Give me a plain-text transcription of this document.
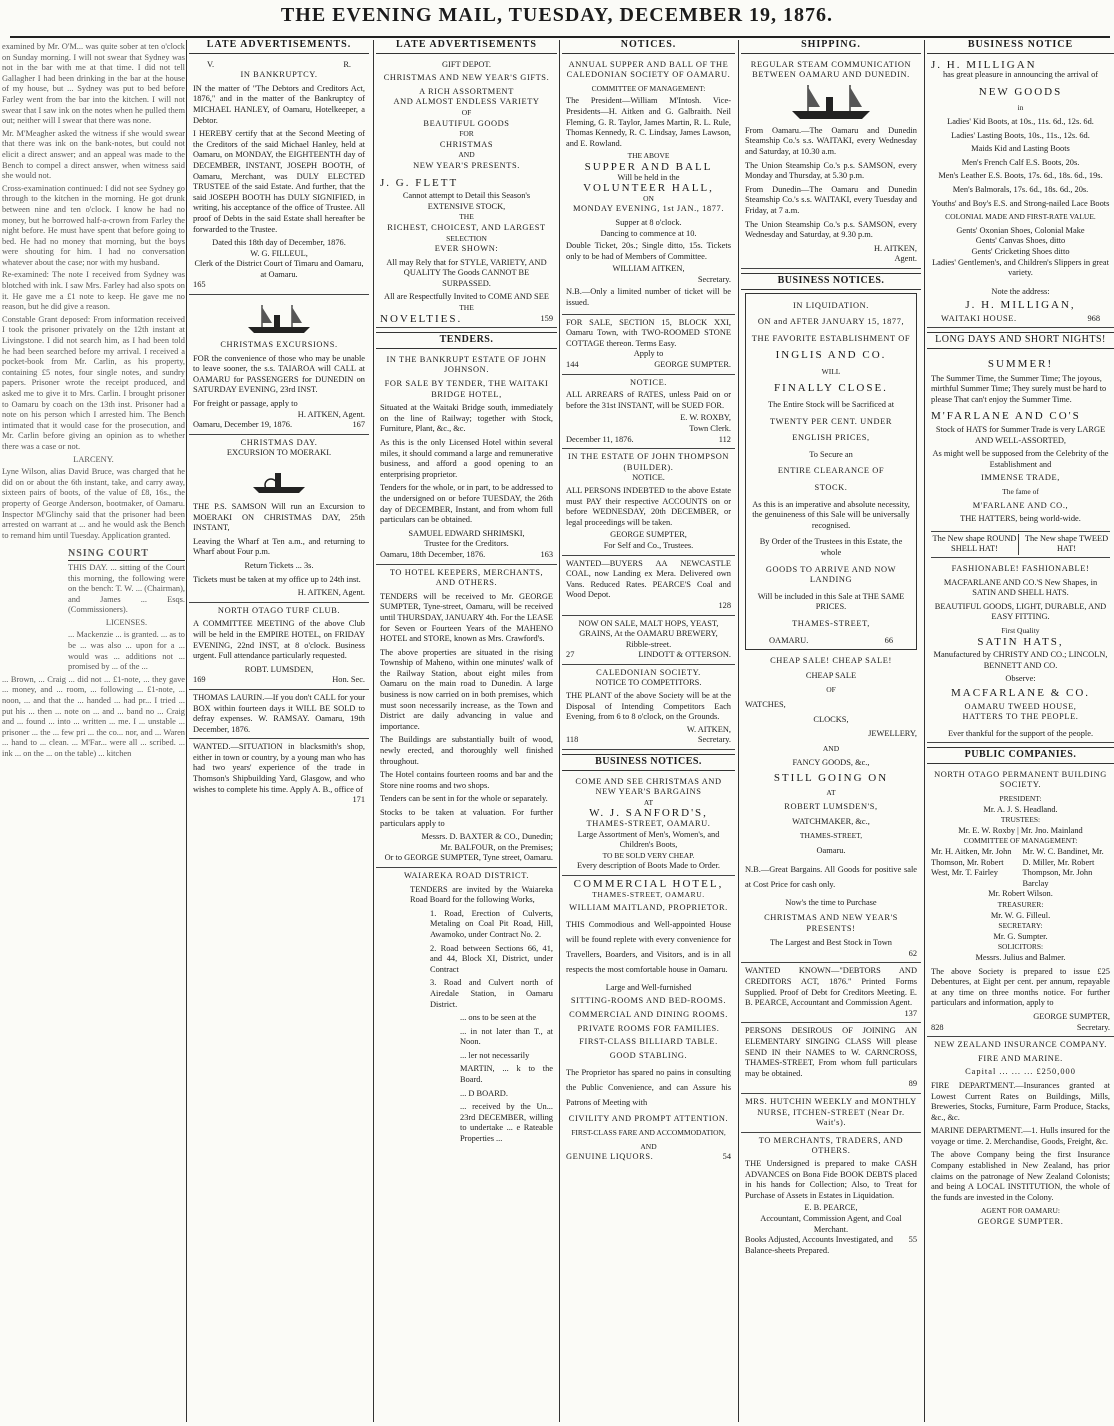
THE EVENING MAIL, TUESDAY, DECEMBER 19, 1876.

examined by Mr. O'M... was quite sober at ten o'clock on Sunday morning. I will not swear that Sydney was not in the bar with me at that time. I did not tell Gallagher I had been drinking in the bar at the house of my house, but ... Sydney was put to bed before Farley went from the bar into the kitchen. I will not swear that I saw ink on the notes when he pulled them out; neither will I swear that there was none.

Mr. M'Meagher asked the witness if she would swear that there was ink on the bank-notes, but could not elicit a direct answer; and an appeal was made to the Bench to compel a direct answer, when witness said she would not.

Cross-examination continued: I did not see Sydney go through to the kitchen in the morning. He got drunk between nine and ten o'clock. I know he had no money, but he borrowed half-a-crown from Farley the night before. He must have spent that before going to bed. He had no money that morning, but the boys were shouting for him. I had no conversation whatever about the case; nor with my husband.

Re-examined: The note I received from Sydney was blotched with ink. I saw Mrs. Farley had also spots on it. He gave me a £1 note to keep. He gave me no reason, but he did give a reason.

Constable Grant deposed: From information received I took the prisoner privately on the 12th instant at Livingstone. I did not search him, as I had been told he had been searched before my arrival. I received a pocket-book from Mr. Carlin, as his property, containing £5 notes, four single notes, and sundry papers. Prisoner wrote the receipt produced, and asked me to give it to Mrs. Carlin. I brought prisoner to Oamaru by coach on the 13th inst. Prisoner had a note on his person which I arrested him. The Bench intimated that it would case for the prosecution, and Mr. Carlin before giving an opinion as to whether there was a case or not.

LARCENY.

Lyne Wilson, alias David Bruce, was charged that he did on or about the 6th instant, take, and carry away, sixteen pairs of boots, of the value of £8, 16s., the property of George Anderson, bootmaker, of Oamaru. Inspector M'Glinchy said that the prisoner had been arrested on warrant at ... and he would ask the Bench to remand him until Tuesday. Application granted.

NSING COURT

THIS DAY. ... sitting of the Court this morning, the following were on the bench: T. W. ... (Chairman), and James ... Esqs. (Commissioners).

LICENSES.

... Mackenzie ... is granted. ... as to be ... was also ... upon for a ... would was ... additions not ... promised by ... of the ...

... Brown, ... Craig ... did not ... £1-note, ... they gave ... money, and ... room, ... following ... £1-note, ... noon, ... and that the ... handed ... had pr... I tried ... put his ... then ... note on ... and ... band no ... Craig and ... found ... into ... written ... me. I ... unstable ... prisoner ... the ... few pri ... the co... nor, and ... Waren ... hand to ... clean. ... M'Far... were all ... scribed. ... ink ... on the ... on the table) ... kitchen

LATE ADVERTISEMENTS.
V.	R.
IN BANKRUPTCY.

IN the matter of "The Debtors and Creditors Act, 1876," and in the matter of the Bankruptcy of MICHAEL HANLEY, of Oamaru, Hotelkeeper, a Debtor.

I HEREBY certify that at the Second Meeting of the Creditors of the said Michael Hanley, held at Oamaru, on MONDAY, the EIGHTEENTH day of DECEMBER, INSTANT, JOSEPH BOOTH, of Oamaru, Merchant, was DULY ELECTED TRUSTEE of the said Estate. And further, that the said JOSEPH BOOTH has DULY SIGNIFIED, in writing, his acceptance of the office of Trustee. All proof of Debts in the said Estate shall hereafter be forwarded to the Trustee.

Dated this 18th day of December, 1876.
W. G. FILLEUL,
Clerk of the District Court of Timaru and Oamaru, at Oamaru.
165
CHRISTMAS EXCURSIONS.

FOR the convenience of those who may be unable to leave sooner, the s.s. TAIAROA will CALL at OAMARU for PASSENGERS for DUNEDIN on SATURDAY EVENING, 23rd INST.

For freight or passage, apply to
H. AITKEN, Agent.
Oamaru, December 19, 1876.	167
CHRISTMAS DAY.
EXCURSION TO MOERAKI.

THE P.S. SAMSON Will run an Excursion to MOERAKI ON CHRISTMAS DAY, 25th INSTANT,

Leaving the Wharf at Ten a.m., and returning to Wharf about Four p.m.

Return Tickets ... 3s.

Tickets must be taken at my office up to 24th inst.

H. AITKEN, Agent.
NORTH OTAGO TURF CLUB.

A COMMITTEE MEETING of the above Club will be held in the EMPIRE HOTEL, on FRIDAY EVENING, 22nd INST, at 8 o'clock. Business urgent. Full attendance particularly requested.

ROBT. LUMSDEN,
169	Hon. Sec.

THOMAS LAURIN.—If you don't CALL for your BOX within fourteen days it WILL BE SOLD to defray expenses. W. RAMSAY. Oamaru, 19th December, 1876.

WANTED.—SITUATION in blacksmith's shop, either in town or country, by a young man who has had two years' experience of the trade in Thomson's Shipbuilding Yard, Glasgow, and who wishes to complete his time. Apply A. B., office of

171
LATE ADVERTISEMENTS
GIFT DEPOT.
CHRISTMAS AND NEW YEAR'S GIFTS.
A RICH ASSORTMENT
AND ALMOST ENDLESS VARIETY
OF
BEAUTIFUL GOODS
FOR
CHRISTMAS
AND
NEW YEAR'S PRESENTS.
J. G. FLETT
Cannot attempt to Detail this Season's EXTENSIVE STOCK,
THE
RICHEST, CHOICEST, AND LARGEST
SELECTION
EVER SHOWN:
All may Rely that for STYLE, VARIETY, AND QUALITY The Goods CANNOT BE SURPASSED.
All are Respectfully Invited to COME AND SEE
THE
NOVELTIES.	159
TENDERS.
IN THE BANKRUPT ESTATE OF JOHN JOHNSON.
FOR SALE BY TENDER, THE WAITAKI BRIDGE HOTEL,

Situated at the Waitaki Bridge south, immediately on the line of Railway; together with Stock, Furniture, Plant, &c., &c.

As this is the only Licensed Hotel within several miles, it should command a large and remunerative business, and afford a good opening to an enterprising proprietor.

Tenders for the whole, or in part, to be addressed to the undersigned on or before TUESDAY, the 26th day of DECEMBER, Instant, and from whom full particulars can be obtained.

SAMUEL EDWARD SHRIMSKI,
Trustee for the Creditors.
Oamaru, 18th December, 1876.	163
TO HOTEL KEEPERS, MERCHANTS, AND OTHERS.

TENDERS will be received to Mr. GEORGE SUMPTER, Tyne-street, Oamaru, will be received until THURSDAY, JANUARY 4th. For the LEASE for Seven or Fourteen Years of the MAHENO HOTEL and STORE, known as Mrs. Crawford's.

The above properties are situated in the rising Township of Maheno, within one minutes' walk of the Railway Station, about eight miles from Oamaru on the main road to Dunedin. A large business is now carried on in both premises, which must soon necessarily increase, as the Town and District are daily advancing in value and importance.

The Buildings are substantially built of wood, newly erected, and thoroughly well finished throughout.

The Hotel contains fourteen rooms and bar and the Store nine rooms and two shops.

Tenders can be sent in for the whole or separately.

Stocks to be taken at valuation. For further particulars apply to

Messrs. D. BAXTER & CO., Dunedin;
Mr. BALFOUR, on the Premises;
Or to GEORGE SUMPTER, Tyne street, Oamaru.
WAIAREKA ROAD DISTRICT.

TENDERS are invited by the Waiareka Road Board for the following Works,

1. Road, Erection of Culverts, Metaling on Coal Pit Road, Hill, Awamoko, under Contract No. 2.

2. Road between Sections 66, 41, and 44, Block XI, District, under Contract

3. Road and Culvert north of Airedale Station, in Oamaru District.

... ons to be seen at the

... in not later than T., at Noon.

... ler not necessarily

MARTIN, ... k to the Board.

... D BOARD.

... received by the Un... 23rd DECEMBER, willing to undertake ... e Rateable Properties ...

NOTICES.
ANNUAL SUPPER AND BALL OF THE CALEDONIAN SOCIETY OF OAMARU.
COMMITTEE OF MANAGEMENT:

The President—William M'Intosh. Vice-Presidents—H. Aitken and G. Galbraith. Neil Fleming, G. R. Taylor, James Martin, R. L. Rule, Thomas Kennedy, R. C. Lindsay, James Lawson, and E. Rowland.

THE ABOVE
SUPPER AND BALL
Will be held in the
VOLUNTEER HALL,
ON
MONDAY EVENING, 1st JAN., 1877.
Supper at 8 o'clock.
Dancing to commence at 10.

Double Ticket, 20s.; Single ditto, 15s. Tickets only to be had of Members of Committee.

WILLIAM AITKEN,
Secretary.

N.B.—Only a limited number of ticket will be issued.

FOR SALE, SECTION 15, BLOCK XXI, Oamaru Town, with TWO-ROOMED STONE COTTAGE thereon. Terms Easy.

Apply to
144	GEORGE SUMPTER.
NOTICE.

ALL ARREARS of RATES, unless Paid on or before the 31st INSTANT, will be SUED FOR.

E. W. ROXBY,
Town Clerk.
December 11, 1876.	112
IN THE ESTATE OF JOHN THOMPSON (BUILDER).
NOTICE.

ALL PERSONS INDEBTED to the above Estate must PAY their respective ACCOUNTS on or before WEDNESDAY, 20th DECEMBER, or legal proceedings will be taken.

GEORGE SUMPTER,
For Self and Co., Trustees.

WANTED—BUYERS AA NEWCASTLE COAL, now Landing ex Mera. Delivered own Vans. Reduced Rates. PEARCE'S Coal and Wood Depot.

128

NOW ON SALE, MALT HOPS, YEAST, GRAINS, At the OAMARU BREWERY, Ribble-street.

27	LINDOTT & OTTERSON.
CALEDONIAN SOCIETY.
NOTICE TO COMPETITORS.

THE PLANT of the above Society will be at the Disposal of Intending Competitors Each Evening, from 6 to 8 o'clock, on the Grounds.

W. AITKEN,
118	Secretary.
BUSINESS NOTICES.
COME AND SEE CHRISTMAS AND NEW YEAR'S BARGAINS
AT
W. J. SANFORD'S,
THAMES-STREET, OAMARU.
Large Assortment of Men's, Women's, and Children's Boots,
TO BE SOLD VERY CHEAP.
Every description of Boots Made to Order.
COMMERCIAL HOTEL,
THAMES-STREET, OAMARU.
WILLIAM MAITLAND, PROPRIETOR.

THIS Commodious and Well-appointed House will be found replete with every convenience for Travellers, Boarders, and Visitors, and is in all respects the most comfortable house in Oamaru.

Large and Well-furnished
SITTING-ROOMS AND BED-ROOMS.
COMMERCIAL AND DINING ROOMS.
PRIVATE ROOMS FOR FAMILIES.
FIRST-CLASS BILLIARD TABLE.
GOOD STABLING.

The Proprietor has spared no pains in consulting the Public Convenience, and can Assure his Patrons of Meeting with

CIVILITY AND PROMPT ATTENTION.
FIRST-CLASS FARE AND ACCOMMODATION,
AND
GENUINE LIQUORS.	54
SHIPPING.
REGULAR STEAM COMMUNICATION BETWEEN OAMARU AND DUNEDIN.

From Oamaru.—The Oamaru and Dunedin Steamship Co.'s s.s. WAITAKI, every Wednesday and Saturday, at 10.30 a.m.

The Union Steamship Co.'s p.s. SAMSON, every Monday and Thursday, at 5.30 p.m.

From Dunedin—The Oamaru and Dunedin Steamship Co.'s s.s. WAITAKI, every Tuesday and Friday, at 7 a.m.

The Union Steamship Co.'s p.s. SAMSON, every Wednesday and Saturday, at 9.30 p.m.

H. AITKEN,
Agent.
BUSINESS NOTICES.
IN LIQUIDATION.
ON and AFTER JANUARY 15, 1877,
THE FAVORITE ESTABLISHMENT OF
INGLIS AND CO.
WILL
FINALLY CLOSE.
The Entire Stock will be Sacrificed at
TWENTY PER CENT. UNDER
ENGLISH PRICES,
To Secure an
ENTIRE CLEARANCE OF
STOCK.

As this is an imperative and absolute necessity, the genuineness of this Sale will be universally recognised.

By Order of the Trustees in this Estate, the whole

GOODS TO ARRIVE AND NOW LANDING

Will be included in this Sale at THE SAME PRICES.

THAMES-STREET,
OAMARU.	66
CHEAP SALE! CHEAP SALE!
CHEAP SALE
OF
WATCHES,
CLOCKS,
JEWELLERY,
AND
FANCY GOODS, &c.,
STILL GOING ON
AT
ROBERT LUMSDEN'S,
WATCHMAKER, &c.,
THAMES-STREET,
Oamaru.

N.B.—Great Bargains. All Goods for positive sale at Cost Price for cash only.

Now's the time to Purchase
CHRISTMAS AND NEW YEAR'S PRESENTS!
The Largest and Best Stock in Town
62

WANTED KNOWN—"DEBTORS AND CREDITORS ACT, 1876." Printed Forms Supplied. Proof of Debt for Creditors Meeting. E. B. PEARCE, Accountant and Commission Agent.

137

PERSONS DESIROUS OF JOINING AN ELEMENTARY SINGING CLASS Will please SEND IN their NAMES to W. CARNCROSS, THAMES-STREET, From whom full particulars may be obtained.

89

MRS. HUTCHIN WEEKLY and MONTHLY NURSE, ITCHEN-STREET (Near Dr. Wait's).

TO MERCHANTS, TRADERS, AND OTHERS.

THE Undersigned is prepared to make CASH ADVANCES on Bona Fide BOOK DEBTS placed in his hands for Collection; Also, to Treat for Purchase of Assets in Estates in Liquidation.

E. B. PEARCE,
Accountant, Commission Agent, and Coal Merchant.
Books Adjusted, Accounts Investigated, and Balance-sheets Prepared.
55
BUSINESS NOTICE
J. H. MILLIGAN
has great pleasure in announcing the arrival of
NEW GOODS
in
Ladies' Kid Boots, at 10s., 11s. 6d., 12s. 6d.
Ladies' Lasting Boots, 10s., 11s., 12s. 6d.
Maids Kid and Lasting Boots
Men's French Calf E.S. Boots, 20s.
Men's Leather E.S. Boots, 17s. 6d., 18s. 6d., 19s.
Men's Balmorals, 17s. 6d., 18s. 6d., 20s.
Youths' and Boy's E.S. and Strong-nailed Lace Boots
COLONIAL MADE AND FIRST-RATE VALUE.
Gents' Oxonian Shoes, Colonial Make
Gents' Canvas Shoes, ditto
Gents' Cricketing Shoes ditto
Ladies' Gentlemen's, and Children's Slippers in great variety.
Note the address:
J. H. MILLIGAN,
WAITAKI HOUSE.	968
LONG DAYS AND SHORT NIGHTS!
SUMMER!

The Summer Time, the Summer Time; The joyous, mirthful Summer Time; They surely must be hard to please That can't enjoy the Summer Time.

M'FARLANE AND CO'S
Stock of HATS for Summer Trade is very LARGE AND WELL-ASSORTED,
As might well be supposed from the Celebrity of the Establishment and
IMMENSE TRADE,
The fame of
M'FARLANE AND CO.,
THE HATTERS, being world-wide.
The New shape ROUND SHELL HAT!
The New shape TWEED HAT!
FASHIONABLE! FASHIONABLE!
MACFARLANE AND CO.'S New Shapes, in SATIN AND SHELL HATS.
BEAUTIFUL GOODS, LIGHT, DURABLE, AND EASY FITTING.
First Quality
SATIN HATS,
Manufactured by CHRISTY AND CO.; LINCOLN, BENNETT AND CO.
Observe:
MACFARLANE & CO.
OAMARU TWEED HOUSE,
HATTERS TO THE PEOPLE.
Ever thankful for the support of the people.
PUBLIC COMPANIES.
NORTH OTAGO PERMANENT BUILDING SOCIETY.
PRESIDENT:
Mr. A. J. S. Headland.
TRUSTEES:
Mr. E. W. Roxby | Mr. Jno. Mainland
COMMITTEE OF MANAGEMENT:
Mr. H. Aitken, Mr. John Thomson, Mr. Robert West, Mr. T. Fairley
Mr. W. C. Bandinet, Mr. D. Miller, Mr. Robert Thompson, Mr. John Barclay
Mr. Robert Wilson.
TREASURER:
Mr. W. G. Filleul.
SECRETARY:
Mr. G. Sumpter.
SOLICITORS:
Messrs. Julius and Balmer.

The above Society is prepared to issue £25 Debentures, at Eight per cent. per annum, repayable at any time on three months notice. For further particulars and information, apply to

GEORGE SUMPTER,
828	Secretary.
NEW ZEALAND INSURANCE COMPANY.
FIRE AND MARINE.
Capital ... ... ... £250,000

FIRE DEPARTMENT.—Insurances granted at Lowest Current Rates on Buildings, Mills, Breweries, Stocks, Furniture, Farm Produce, Stacks, &c., &c.

MARINE DEPARTMENT.—1. Hulls insured for the voyage or time. 2. Merchandise, Goods, Freight, &c.

The above Company being the first Insurance Company established in New Zealand, has prior claims on the patronage of New Zealand Colonists; and being A LOCAL INSTITUTION, the whole of the funds are invested in the Colony.

AGENT FOR OAMARU:
GEORGE SUMPTER.
